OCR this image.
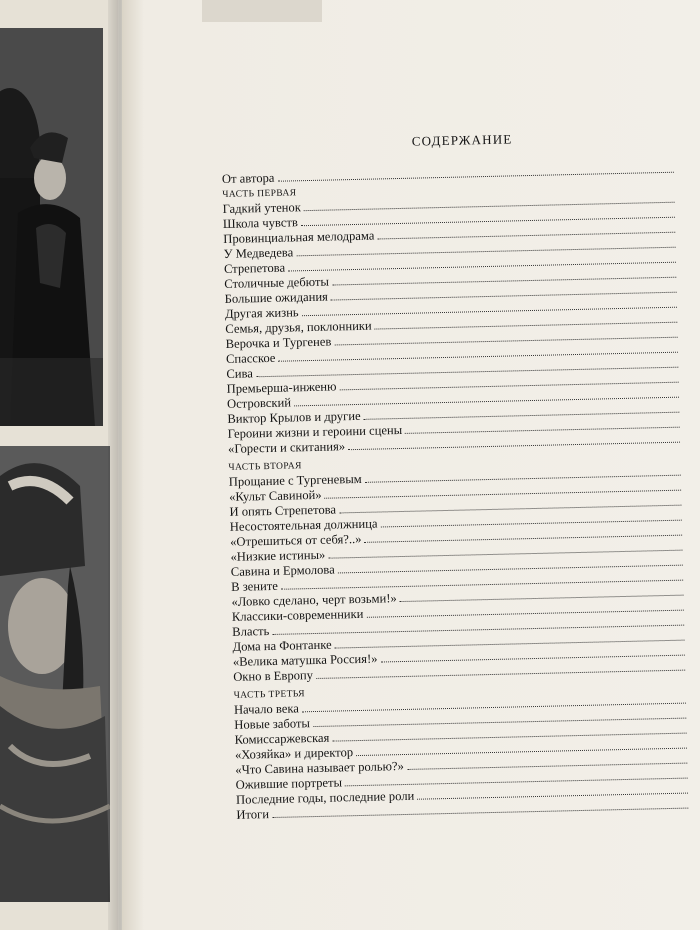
СОДЕРЖАНИЕ
От автора
ЧАСТЬ ПЕРВАЯ
Гадкий утенок
Школа чувств
Провинциальная мелодрама
У Медведева
Стрепетова
Столичные дебюты
Большие ожидания
Другая жизнь
Семья, друзья, поклонники
Верочка и Тургенев
Спасское
Сива
Премьерша-инженю
Островский
Виктор Крылов и другие
Героини жизни и героини сцены
«Горести и скитания»
ЧАСТЬ ВТОРАЯ
Прощание с Тургеневым
«Культ Савиной»
И опять Стрепетова
Несостоятельная должница
«Отрешиться от себя?..»
«Низкие истины»
Савина и Ермолова
В зените
«Ловко сделано, черт возьми!»
Классики-современники
Власть
Дома на Фонтанке
«Велика матушка Россия!»
Окно в Европу
ЧАСТЬ ТРЕТЬЯ
Начало века
Новые заботы
Комиссаржевская
«Хозяйка» и директор
«Что Савина называет ролью?»
Ожившие портреты
Последние годы, последние роли
Итоги
